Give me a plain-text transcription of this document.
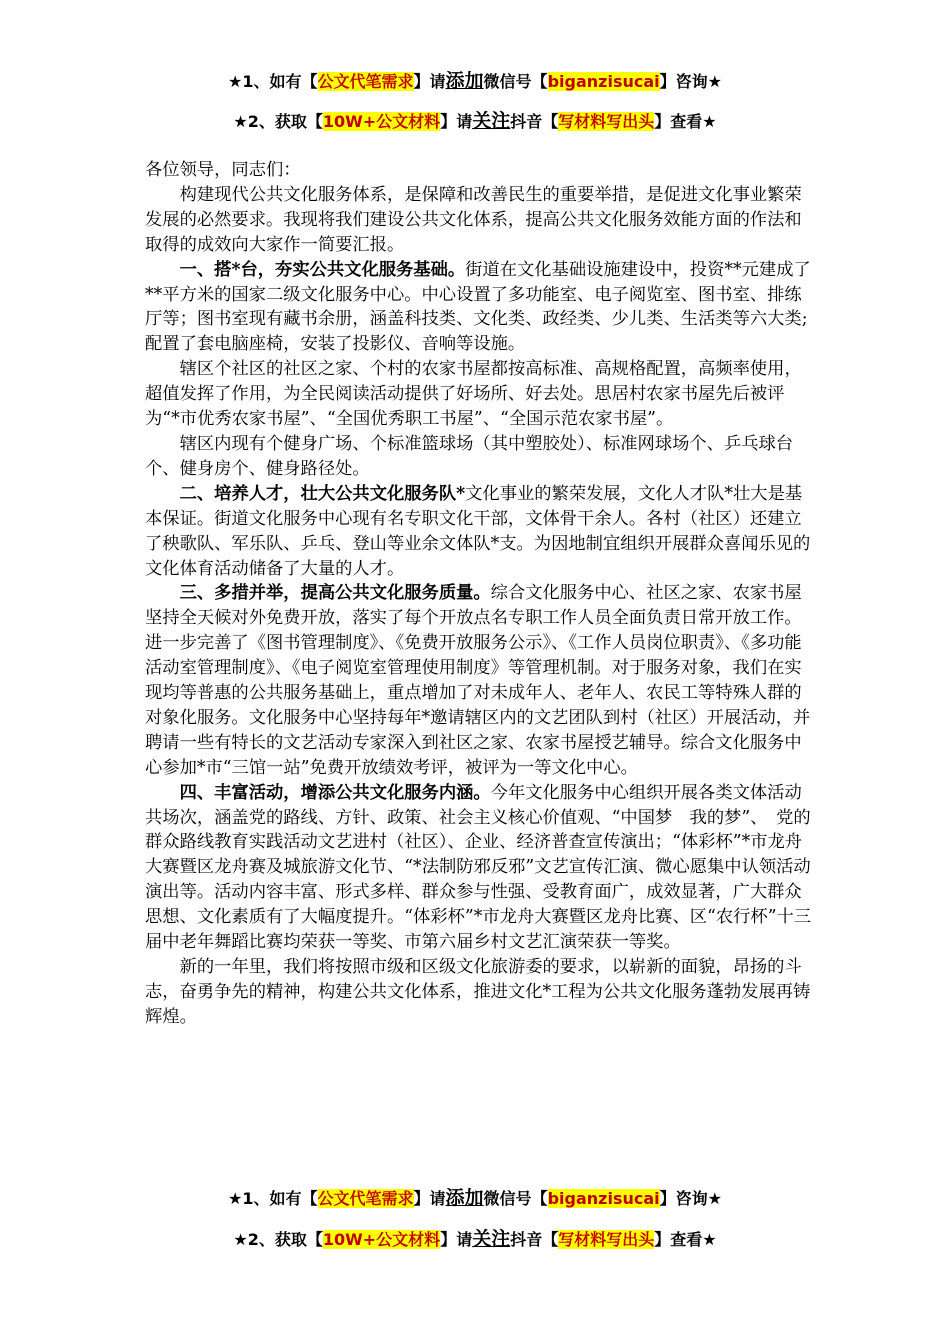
★1、如有【公文代笔需求】请添加微信号【biganzisucai】咨询★
★2、获取【10W+公文材料】请关注抖音【写材料写出头】查看★

各位领导，同志们：

构建现代公共文化服务体系，是保障和改善民生的重要举措，是促进文化事业繁荣发展的必然要求。我现将我们建设公共文化体系，提高公共文化服务效能方面的作法和取得的成效向大家作一简要汇报。

一、搭*台，夯实公共文化服务基础。街道在文化基础设施建设中，投资**元建成了**平方米的国家二级文化服务中心。中心设置了多功能室、电子阅览室、图书室、排练厅等；图书室现有藏书余册，涵盖科技类、文化类、政经类、少儿类、生活类等六大类;配置了套电脑座椅，安装了投影仪、音响等设施。

辖区个社区的社区之家、个村的农家书屋都按高标准、高规格配置，高频率使用，超值发挥了作用，为全民阅读活动提供了好场所、好去处。思居村农家书屋先后被评为“*市优秀农家书屋”、“全国优秀职工书屋”、“全国示范农家书屋”。

辖区内现有个健身广场、个标准篮球场（其中塑胶处）、标准网球场个、乒乓球台个、健身房个、健身路径处。

二、培养人才，壮大公共文化服务队*文化事业的繁荣发展，文化人才队*壮大是基本保证。街道文化服务中心现有名专职文化干部，文体骨干余人。各村（社区）还建立了秧歌队、军乐队、乒乓、登山等业余文体队*支。为因地制宜组织开展群众喜闻乐见的文化体育活动储备了大量的人才。

三、多措并举，提高公共文化服务质量。综合文化服务中心、社区之家、农家书屋坚持全天候对外免费开放，落实了每个开放点名专职工作人员全面负责日常开放工作。进一步完善了《图书管理制度》、《免费开放服务公示》、《工作人员岗位职责》、《多功能活动室管理制度》、《电子阅览室管理使用制度》等管理机制。对于服务对象，我们在实现均等普惠的公共服务基础上，重点增加了对未成年人、老年人、农民工等特殊人群的对象化服务。文化服务中心坚持每年*邀请辖区内的文艺团队到村（社区）开展活动，并聘请一些有特长的文艺活动专家深入到社区之家、农家书屋授艺辅导。综合文化服务中心参加*市“三馆一站”免费开放绩效考评，被评为一等文化中心。

四、丰富活动，增添公共文化服务内涵。今年文化服务中心组织开展各类文体活动共场次，涵盖党的路线、方针、政策、社会主义核心价值观、“中国梦　我的梦”、　党的群众路线教育实践活动文艺进村（社区）、企业、经济普查宣传演出；“体彩杯”*市龙舟大赛暨区龙舟赛及城旅游文化节、“*法制防邪反邪”文艺宣传汇演、微心愿集中认领活动演出等。活动内容丰富、形式多样、群众参与性强、受教育面广，成效显著，广大群众思想、文化素质有了大幅度提升。“体彩杯”*市龙舟大赛暨区龙舟比赛、区“农行杯”十三届中老年舞蹈比赛均荣获一等奖、市第六届乡村文艺汇演荣获一等奖。

新的一年里，我们将按照市级和区级文化旅游委的要求，以崭新的面貌，昂扬的斗志，奋勇争先的精神，构建公共文化体系，推进文化*工程为公共文化服务蓬勃发展再铸辉煌。

★1、如有【公文代笔需求】请添加微信号【biganzisucai】咨询★
★2、获取【10W+公文材料】请关注抖音【写材料写出头】查看★
